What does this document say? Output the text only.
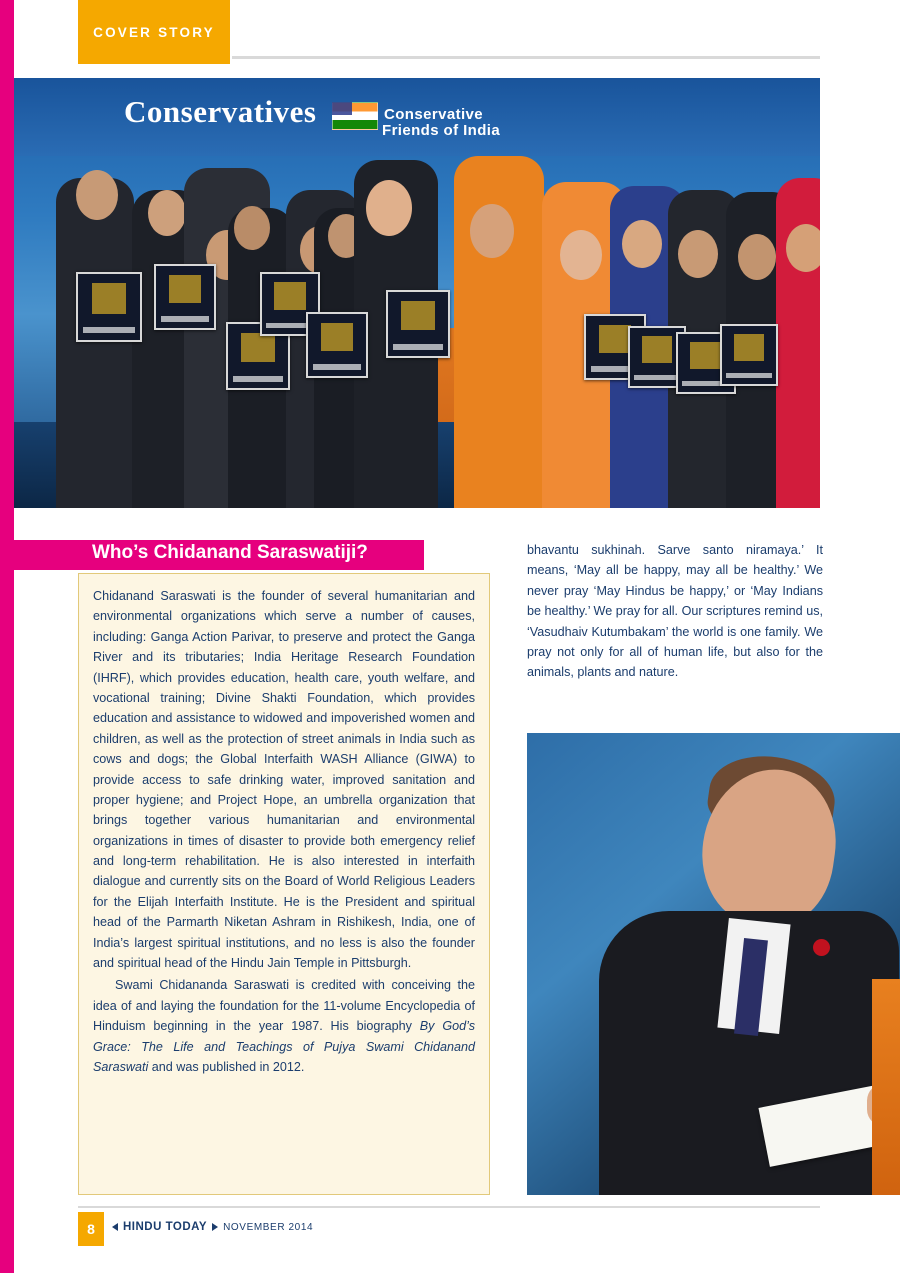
COVER STORY
Conservatives	Conservative
Friends of India
Who’s Chidanand Saraswatiji?

Chidanand Saraswati is the founder of several humanitarian and environmental organizations which serve a number of causes, including: Ganga Action Parivar, to preserve and protect the Ganga River and its tributaries; India Heritage Research Foundation (IHRF), which provides education, health care, youth welfare, and vocational training; Divine Shakti Foundation, which provides education and assistance to widowed and impoverished women and children, as well as the protection of street animals in India such as cows and dogs; the Global Interfaith WASH Alliance (GIWA) to provide access to safe drinking water, improved sanitation and proper hygiene; and Project Hope, an umbrella organization that brings together various humanitarian and environmental organizations in times of disaster to provide both emergency relief and long-term rehabilitation. He is also interested in interfaith dialogue and currently sits on the Board of World Religious Leaders for the Elijah Interfaith Institute. He is the President and spiritual head of the Parmarth Niketan Ashram in Rishikesh, India, one of India’s largest spiritual institutions, and no less is also the founder and spiritual head of the Hindu Jain Temple in Pittsburgh.

Swami Chidananda Saraswati is credited with conceiving the idea of and laying the foundation for the 11-volume Encyclopedia of Hinduism beginning in the year 1987. His biography By God’s Grace: The Life and Teachings of Pujya Swami Chidanand Saraswati and was published in 2012.

bhavantu sukhinah. Sarve santo niramaya.’ It means, ‘May all be happy, may all be healthy.’ We never pray ‘May Hindus be happy,’ or ‘May Indians be healthy.’ We pray for all. Our scriptures remind us, ‘Vasudhaiv Kutumbakam’ the world is one family. We pray not only for all of human life, but also for the animals, plants and nature.

8 HINDU TODAY NOVEMBER 2014
